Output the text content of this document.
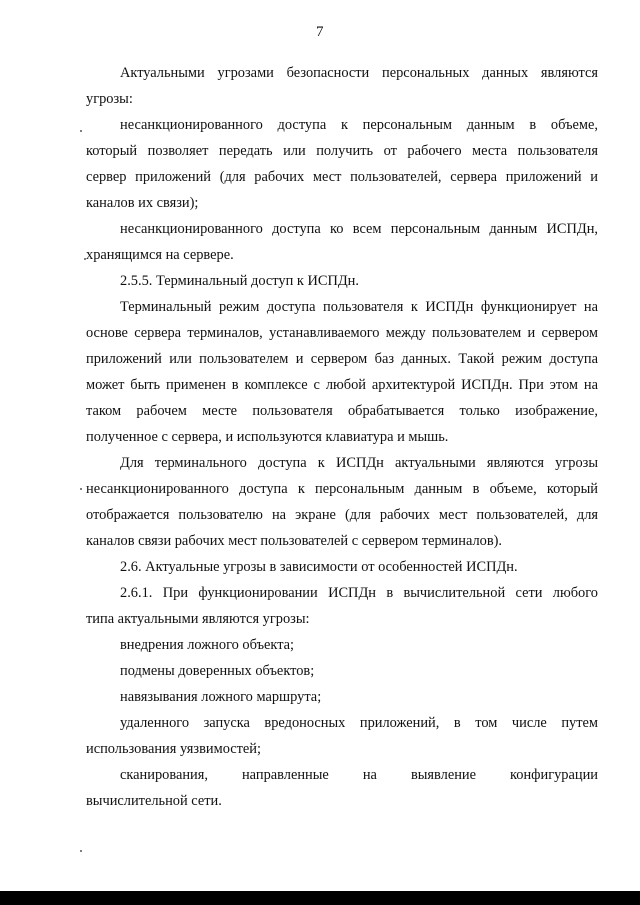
7
Актуальными угрозами безопасности персональных данных являются
угрозы:
несанкционированного доступа к персональным данным в объеме,
который позволяет передать или получить от рабочего места пользователя
сервер приложений (для рабочих мест пользователей, сервера приложений и
каналов их связи);
несанкционированного доступа ко всем персональным данным ИСПДн,
хранящимся на сервере.
2.5.5. Терминальный доступ к ИСПДн.
Терминальный режим доступа пользователя к ИСПДн функционирует на
основе сервера терминалов, устанавливаемого между пользователем и сервером
приложений или пользователем и сервером баз данных. Такой режим доступа
может быть применен в комплексе с любой архитектурой ИСПДн. При этом на
таком рабочем месте пользователя обрабатывается только изображение,
полученное с сервера, и используются клавиатура и мышь.
Для терминального доступа к ИСПДн актуальными являются угрозы
несанкционированного доступа к персональным данным в объеме, который
отображается пользователю на экране (для рабочих мест пользователей, для
каналов связи рабочих мест пользователей с сервером терминалов).
2.6. Актуальные угрозы в зависимости от особенностей ИСПДн.
2.6.1. При функционировании ИСПДн в вычислительной сети любого
типа актуальными являются угрозы:
внедрения ложного объекта;
подмены доверенных объектов;
навязывания ложного маршрута;
удаленного запуска вредоносных приложений, в том числе путем
использования уязвимостей;
сканирования, направленные на выявление конфигурации
вычислительной сети.
